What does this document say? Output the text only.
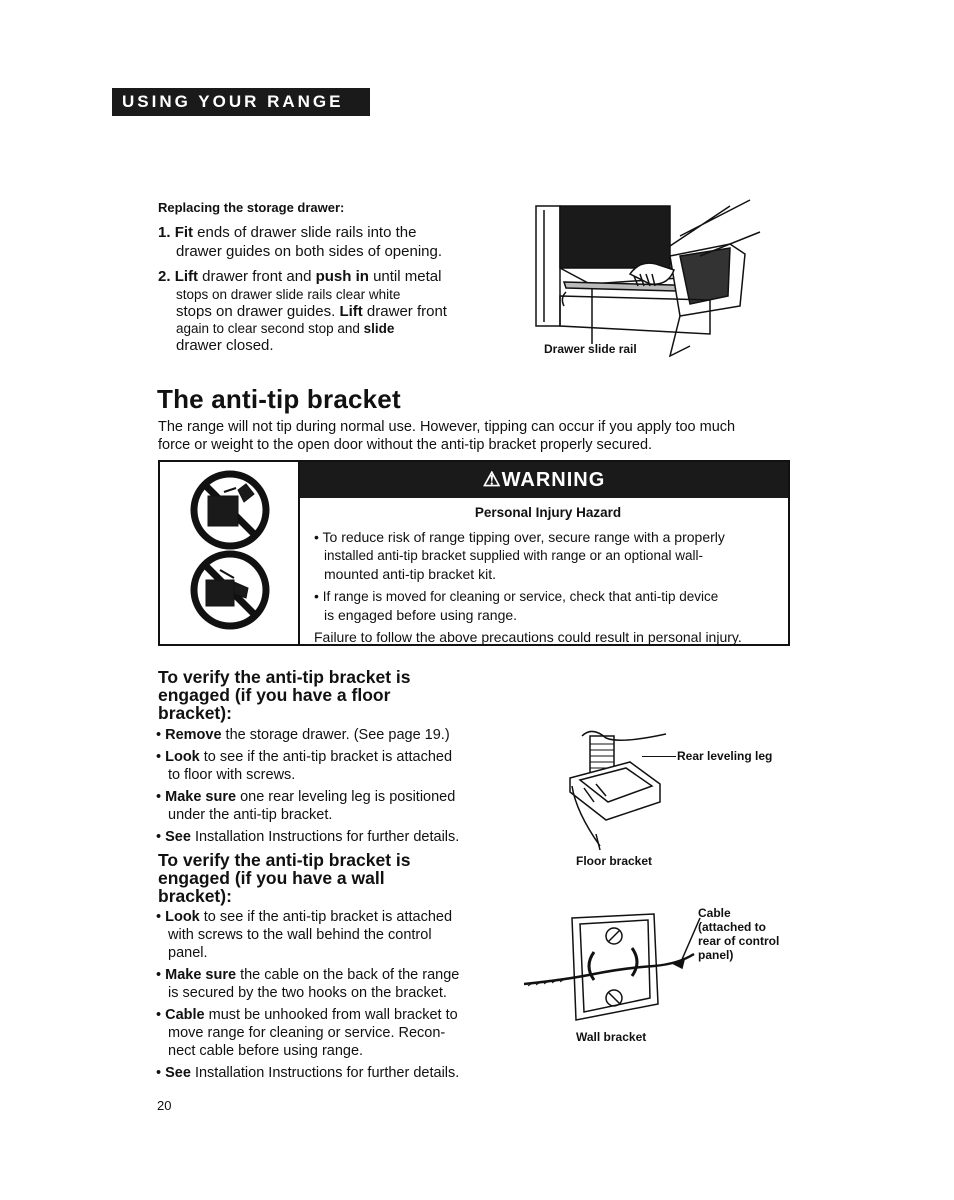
USING YOUR RANGE
Replacing the storage drawer:
1. Fit ends of drawer slide rails into the
drawer guides on both sides of opening.
2. Lift drawer front and push in until metal
stops on drawer slide rails clear white
stops on drawer guides. Lift drawer front
again to clear second stop and slide
drawer closed.	Drawer slide rail
The anti-tip bracket
The range will not tip during normal use. However, tipping can occur if you apply too much
force or weight to the open door without the anti-tip bracket properly secured.
⚠WARNING
Personal Injury Hazard
• To reduce risk of range tipping over, secure range with a properly
installed anti-tip bracket supplied with range or an optional wall-
mounted anti-tip bracket kit.
• If range is moved for cleaning or service, check that anti-tip device
is engaged before using range.
Failure to follow the above precautions could result in personal injury.
To verify the anti-tip bracket is
engaged (if you have a floor
bracket):

• Remove the storage drawer. (See page 19.)

• Look to see if the anti-tip bracket is attached
to floor with screws.

• Make sure one rear leveling leg is positioned
under the anti-tip bracket.

• See Installation Instructions for further details.

Rear leveling leg
Floor bracket
To verify the anti-tip bracket is
engaged (if you have a wall
bracket):

• Look to see if the anti-tip bracket is attached
with screws to the wall behind the control
panel.

• Make sure the cable on the back of the range
is secured by the two hooks on the bracket.

• Cable must be unhooked from wall bracket to
move range for cleaning or service. Recon-
nect cable before using range.

• See Installation Instructions for further details.

Cable
(attached to
rear of control
panel)
Wall bracket
20
